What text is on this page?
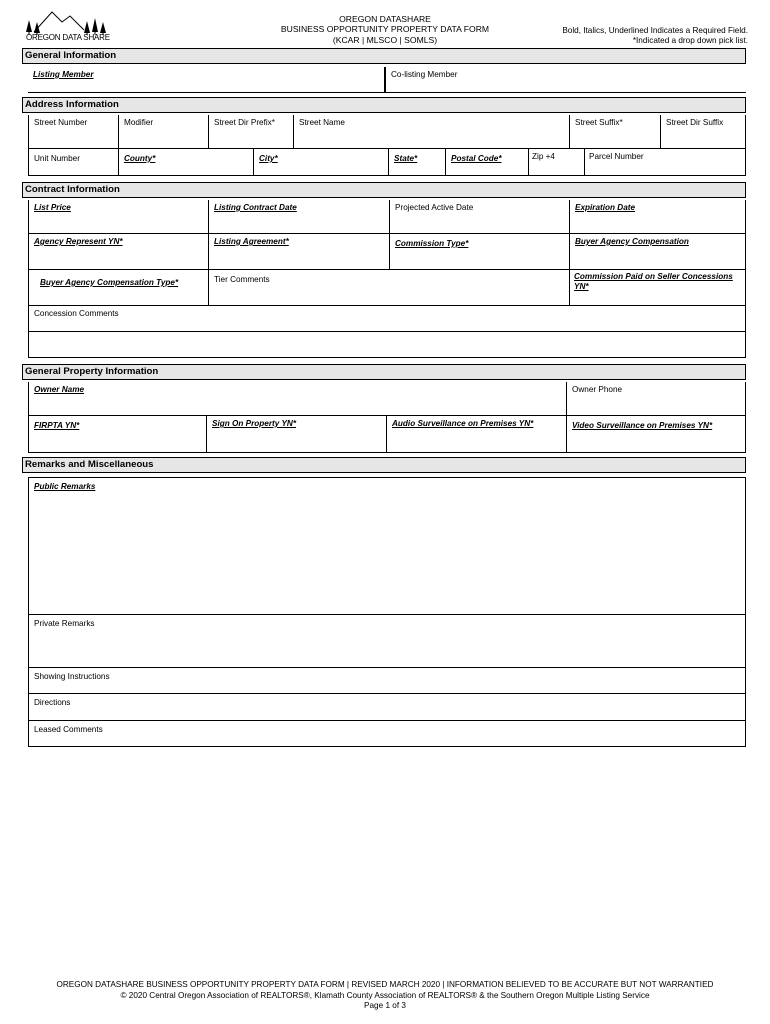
OREGON DATA SHARE
OREGON DATASHARE
BUSINESS OPPORTUNITY PROPERTY DATA FORM
(KCAR | MLSCO | SOMLS)
Bold, Italics, Underlined Indicates a Required Field.
*Indicated a drop down pick list.
General Information
Listing Member	Co-listing Member
Address Information
Street Number	Modifier	Street Dir Prefix*	Street Name	Street Suffix*	Street Dir Suffix
Unit Number	County*	City*	State*	Postal Code*	Zip +4	Parcel Number
Contract Information
List Price	Listing Contract Date	Projected Active Date	Expiration Date
Agency Represent YN*	Listing Agreement*	Commission Type*	Buyer Agency Compensation
Buyer Agency Compensation Type*	Tier Comments	Commission Paid on Seller Concessions
YN*
Concession Comments
General Property Information
Owner Name	Owner Phone
FIRPTA YN*	Sign On Property YN*	Audio Surveillance on Premises YN*	Video Surveillance on Premises YN*
Remarks and Miscellaneous
Public Remarks
Private Remarks
Showing Instructions
Directions
Leased Comments
OREGON DATASHARE BUSINESS OPPORTUNITY PROPERTY DATA FORM | REVISED MARCH 2020 | INFORMATION BELIEVED TO BE ACCURATE BUT NOT WARRANTIED
© 2020 Central Oregon Association of REALTORS®, Klamath County Association of REALTORS® & the Southern Oregon Multiple Listing Service
Page 1 of 3
